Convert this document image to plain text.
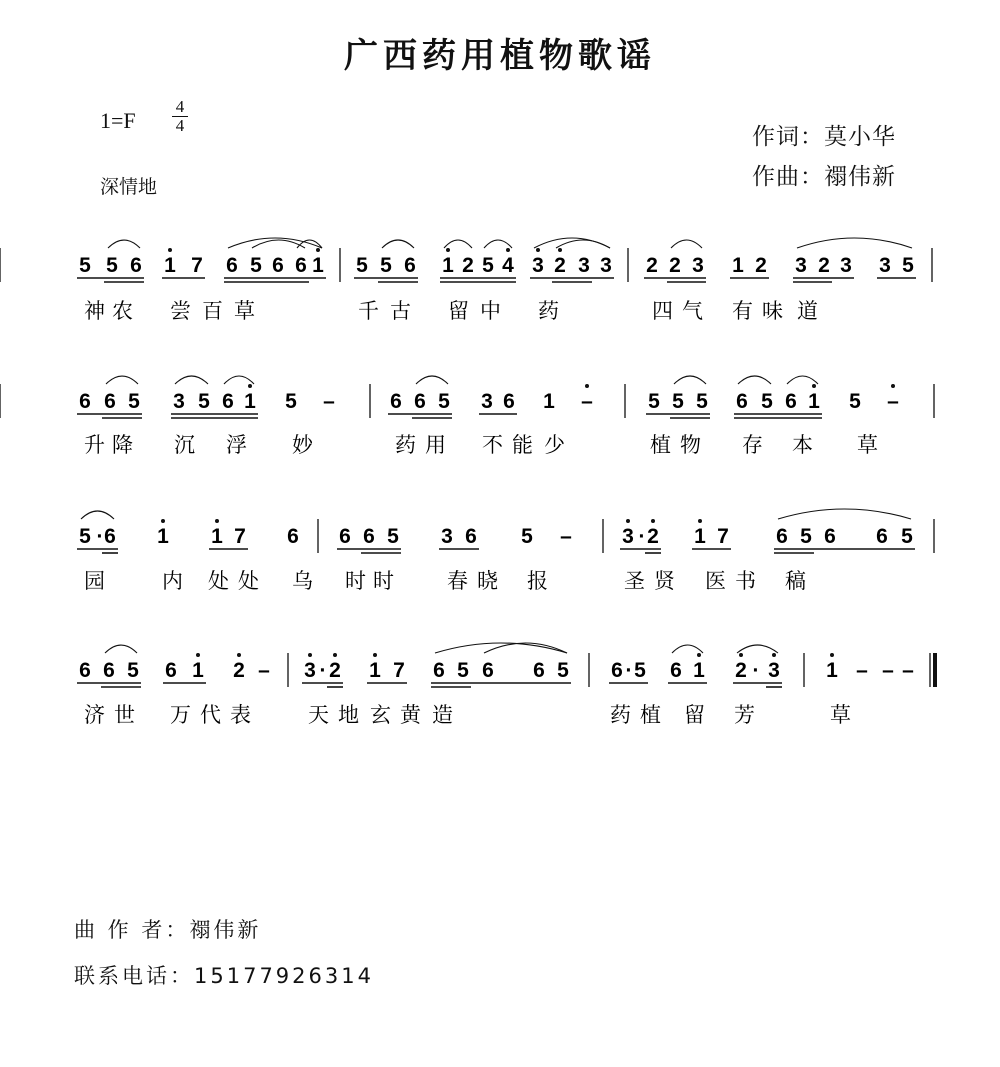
广西药用植物歌谣
1=F
4
4
深情地
作词：莫小华
作曲：禤伟新
5 5 6 1 7 6 5 6 6 1 5 5 6 1 2 5 4 3 2 3 3 2 2 3 1 2 3 2 3 3 5
神 农 尝 百 草	千 古 留 中 药	四 气 有 味 道
6 6 5 3 5 6 1 5 –	6 6 5 3 6 1 –	5 5 5 6 5 6 1 5 –
升 降 沉 浮 妙	药 用 不 能 少	植 物 存 本 草
5 · 6 1 1 7 6 6 6 5 3 6 5 – 3 · 2 1 7 6 5 6 6 5
园	内 处 处 乌 时 时	春 晓 报	圣 贤 医 书 稿
6 6 5 6 1 2 – 3 · 2 1 7 6 5 6 6 5 6 · 5 6 1 2 · 3 1 – – –
济 世 万 代 表	天 地 玄 黄 造	药 植 留 芳	草
曲 作 者：禤伟新
联系电话：15177926314
